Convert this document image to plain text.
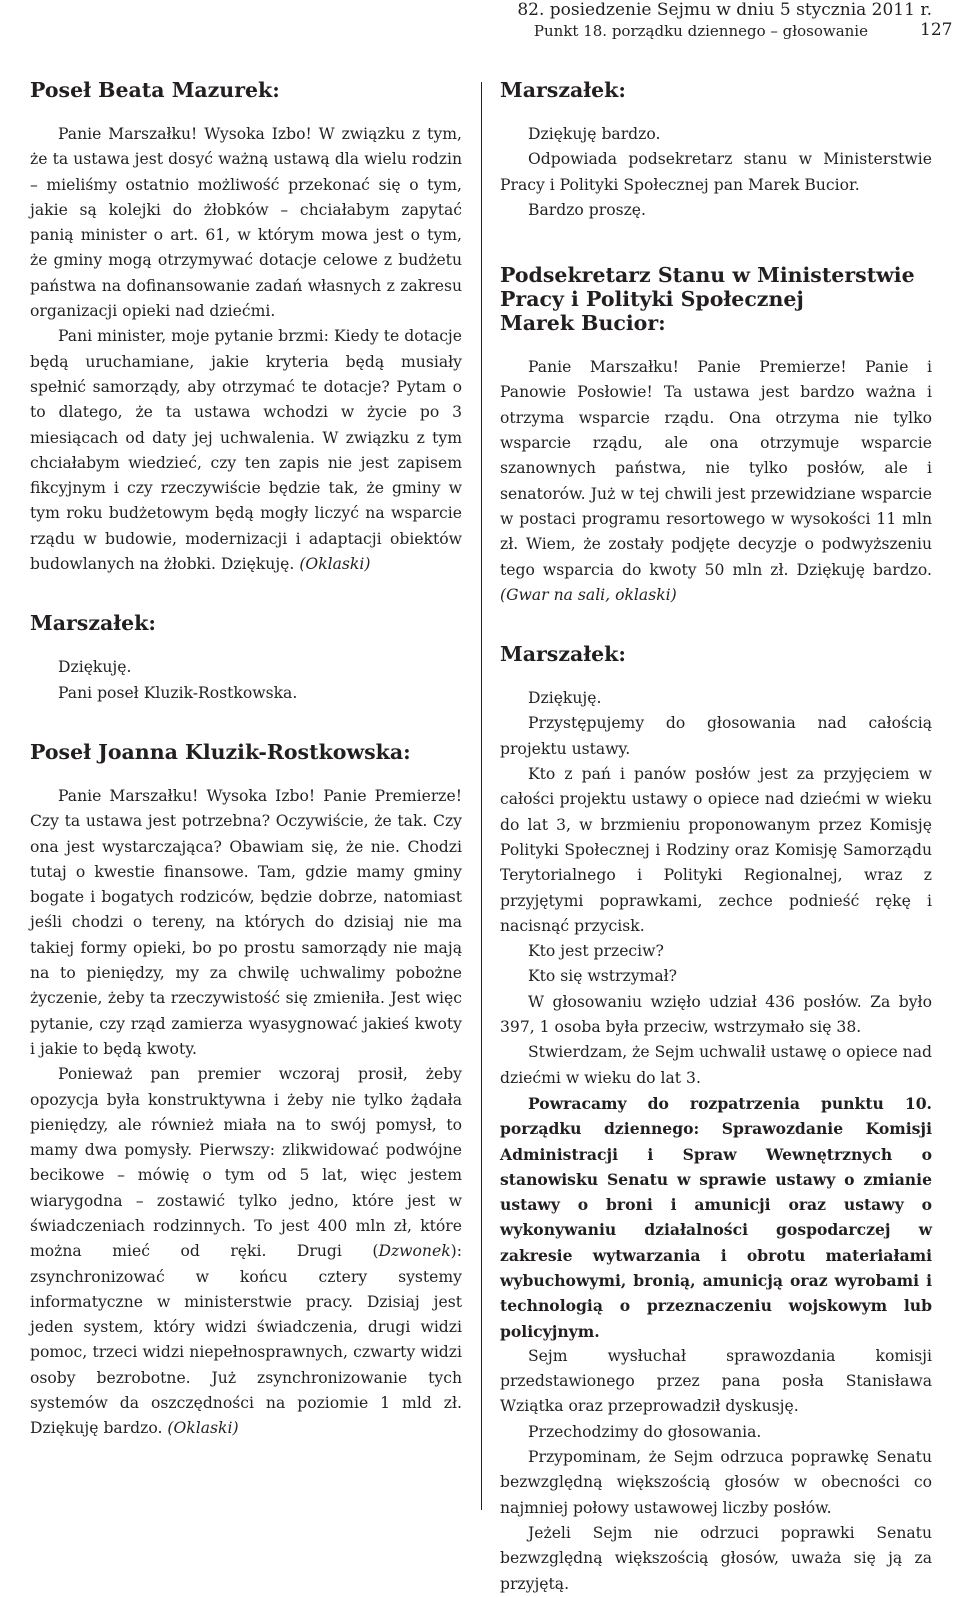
82. posiedzenie Sejmu w dniu 5 stycznia 2011 r.
Punkt 18. porządku dziennego – głosowanie	127
Poseł Beata Mazurek:

Panie Marszałku! Wysoka Izbo! W związku z tym, że ta ustawa jest dosyć ważną ustawą dla wielu rodzin – mieliśmy ostatnio możliwość przekonać się o tym, jakie są kolejki do żłobków – chciałabym zapytać panią minister o art. 61, w którym mowa jest o tym, że gminy mogą otrzymywać dotacje celowe z budżetu państwa na dofinansowanie zadań własnych z zakresu organizacji opieki nad dziećmi.

Pani minister, moje pytanie brzmi: Kiedy te dotacje będą uruchamiane, jakie kryteria będą musiały spełnić samorządy, aby otrzymać te dotacje? Pytam o to dlatego, że ta ustawa wchodzi w życie po 3 miesiącach od daty jej uchwalenia. W związku z tym chciałabym wiedzieć, czy ten zapis nie jest zapisem fikcyjnym i czy rzeczywiście będzie tak, że gminy w tym roku budżetowym będą mogły liczyć na wsparcie rządu w budowie, modernizacji i adaptacji obiektów budowlanych na żłobki. Dziękuję. (Oklaski)

Marszałek:

Dziękuję.

Pani poseł Kluzik-Rostkowska.

Poseł Joanna Kluzik-Rostkowska:

Panie Marszałku! Wysoka Izbo! Panie Premierze! Czy ta ustawa jest potrzebna? Oczywiście, że tak. Czy ona jest wystarczająca? Obawiam się, że nie. Chodzi tutaj o kwestie finansowe. Tam, gdzie mamy gminy bogate i bogatych rodziców, będzie dobrze, natomiast jeśli chodzi o tereny, na których do dzisiaj nie ma takiej formy opieki, bo po prostu samorządy nie mają na to pieniędzy, my za chwilę uchwalimy pobożne życzenie, żeby ta rzeczywistość się zmieniła. Jest więc pytanie, czy rząd zamierza wyasygnować jakieś kwoty i jakie to będą kwoty.

Ponieważ pan premier wczoraj prosił, żeby opozycja była konstruktywna i żeby nie tylko żądała pieniędzy, ale również miała na to swój pomysł, to mamy dwa pomysły. Pierwszy: zlikwidować podwójne becikowe – mówię o tym od 5 lat, więc jestem wiarygodna – zostawić tylko jedno, które jest w świadczeniach rodzinnych. To jest 400 mln zł, które można mieć od ręki. Drugi (Dzwonek): zsynchronizować w końcu cztery systemy informatyczne w ministerstwie pracy. Dzisiaj jest jeden system, który widzi świadczenia, drugi widzi pomoc, trzeci widzi niepełnosprawnych, czwarty widzi osoby bezrobotne. Już zsynchronizowanie tych systemów da oszczędności na poziomie 1 mld zł. Dziękuję bardzo. (Oklaski)

Marszałek:

Dziękuję bardzo.

Odpowiada podsekretarz stanu w Ministerstwie Pracy i Polityki Społecznej pan Marek Bucior.

Bardzo proszę.

Podsekretarz Stanu w Ministerstwie
Pracy i Polityki Społecznej
Marek Bucior:

Panie Marszałku! Panie Premierze! Panie i Panowie Posłowie! Ta ustawa jest bardzo ważna i otrzyma wsparcie rządu. Ona otrzyma nie tylko wsparcie rządu, ale ona otrzymuje wsparcie szanownych państwa, nie tylko posłów, ale i senatorów. Już w tej chwili jest przewidziane wsparcie w postaci programu resortowego w wysokości 11 mln zł. Wiem, że zostały podjęte decyzje o podwyższeniu tego wsparcia do kwoty 50 mln zł. Dziękuję bardzo. (Gwar na sali, oklaski)

Marszałek:

Dziękuję.

Przystępujemy do głosowania nad całością projektu ustawy.

Kto z pań i panów posłów jest za przyjęciem w całości projektu ustawy o opiece nad dziećmi w wieku do lat 3, w brzmieniu proponowanym przez Komisję Polityki Społecznej i Rodziny oraz Komisję Samorządu Terytorialnego i Polityki Regionalnej, wraz z przyjętymi poprawkami, zechce podnieść rękę i nacisnąć przycisk.

Kto jest przeciw?

Kto się wstrzymał?

W głosowaniu wzięło udział 436 posłów. Za było 397, 1 osoba była przeciw, wstrzymało się 38.

Stwierdzam, że Sejm uchwalił ustawę o opiece nad dziećmi w wieku do lat 3.

Powracamy do rozpatrzenia punktu 10. porządku dziennego: Sprawozdanie Komisji Administracji i Spraw Wewnętrznych o stanowisku Senatu w sprawie ustawy o zmianie ustawy o broni i amunicji oraz ustawy o wykonywaniu działalności gospodarczej w zakresie wytwarzania i obrotu materiałami wybuchowymi, bronią, amunicją oraz wyrobami i technologią o przeznaczeniu wojskowym lub policyjnym.

Sejm wysłuchał sprawozdania komisji przedstawionego przez pana posła Stanisława Wziątka oraz przeprowadził dyskusję.

Przechodzimy do głosowania.

Przypominam, że Sejm odrzuca poprawkę Senatu bezwzględną większością głosów w obecności co najmniej połowy ustawowej liczby posłów.

Jeżeli Sejm nie odrzuci poprawki Senatu bezwzględną większością głosów, uważa się ją za przyjętą.
